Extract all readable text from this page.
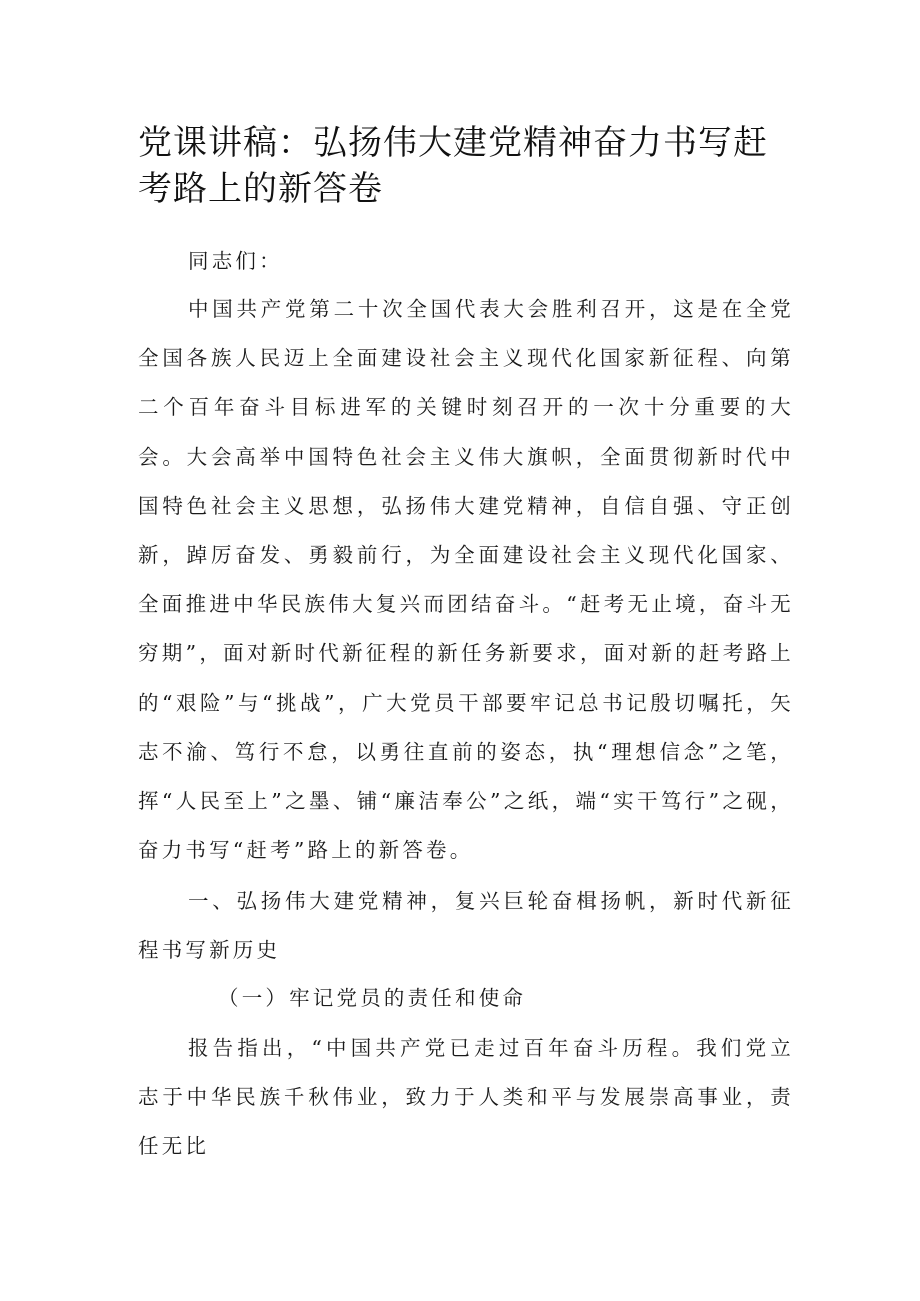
党课讲稿：弘扬伟大建党精神奋力书写赶考路上的新答卷

同志们：

中国共产党第二十次全国代表大会胜利召开，这是在全党全国各族人民迈上全面建设社会主义现代化国家新征程、向第二个百年奋斗目标进军的关键时刻召开的一次十分重要的大会。大会高举中国特色社会主义伟大旗帜，全面贯彻新时代中国特色社会主义思想，弘扬伟大建党精神，自信自强、守正创新，踔厉奋发、勇毅前行，为全面建设社会主义现代化国家、全面推进中华民族伟大复兴而团结奋斗。“赶考无止境，奋斗无穷期”，面对新时代新征程的新任务新要求，面对新的赶考路上的“艰险”与“挑战”，广大党员干部要牢记总书记殷切嘱托，矢志不渝、笃行不怠，以勇往直前的姿态，执“理想信念”之笔，挥“人民至上”之墨、铺“廉洁奉公”之纸，端“实干笃行”之砚，奋力书写“赶考”路上的新答卷。

一、弘扬伟大建党精神，复兴巨轮奋楫扬帆，新时代新征程书写新历史

（一）牢记党员的责任和使命

报告指出，“中国共产党已走过百年奋斗历程。我们党立志于中华民族千秋伟业，致力于人类和平与发展崇高事业，责任无比
